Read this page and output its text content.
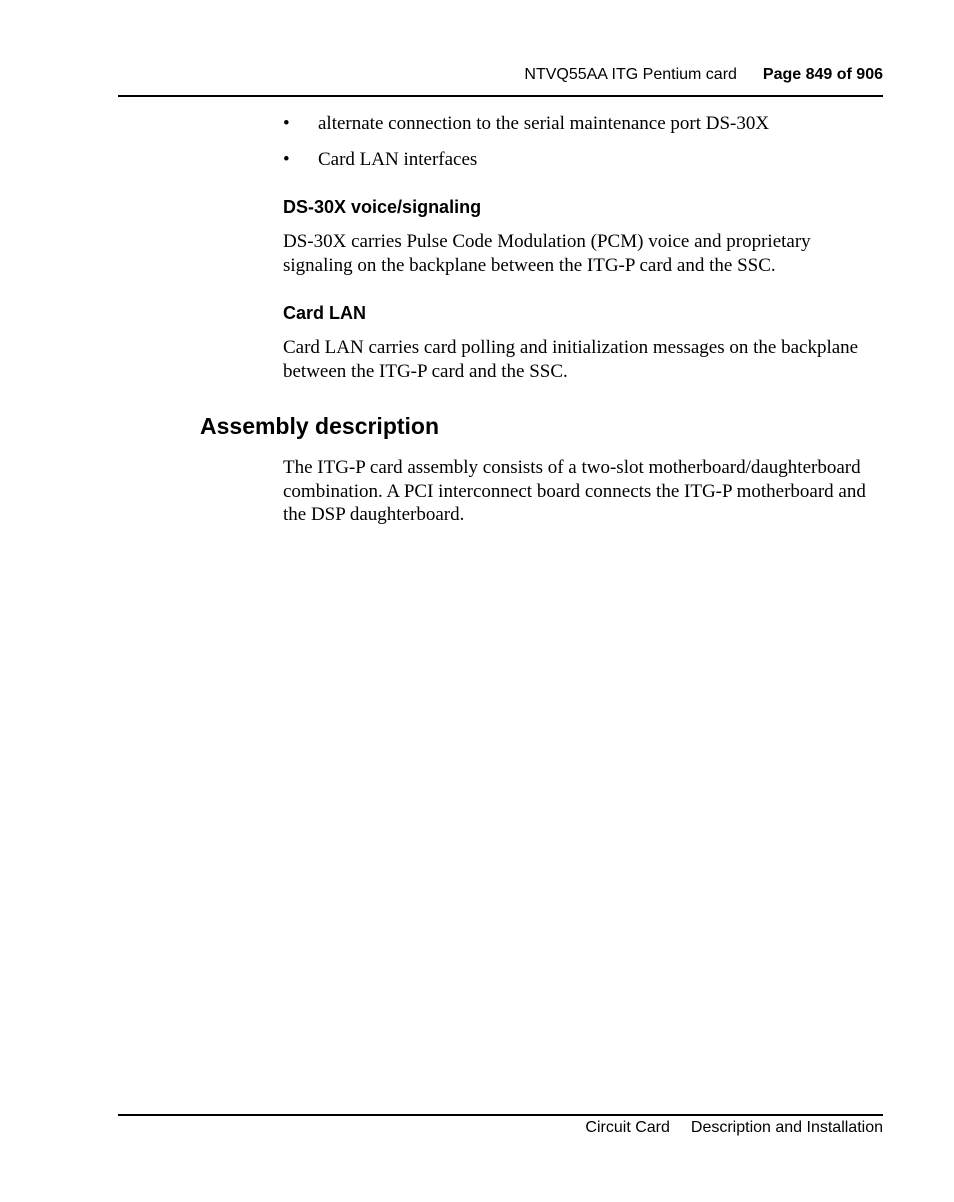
NTVQ55AA ITG Pentium card Page 849 of 906
• alternate connection to the serial maintenance port DS-30X
• Card LAN interfaces
DS-30X voice/signaling

DS-30X carries Pulse Code Modulation (PCM) voice and proprietary
signaling on the backplane between the ITG-P card and the SSC.

Card LAN

Card LAN carries card polling and initialization messages on the backplane
between the ITG-P card and the SSC.

Assembly description

The ITG-P card assembly consists of a two-slot motherboard/daughterboard
combination. A PCI interconnect board connects the ITG-P motherboard and
the DSP daughterboard.

Circuit Card Description and Installation
